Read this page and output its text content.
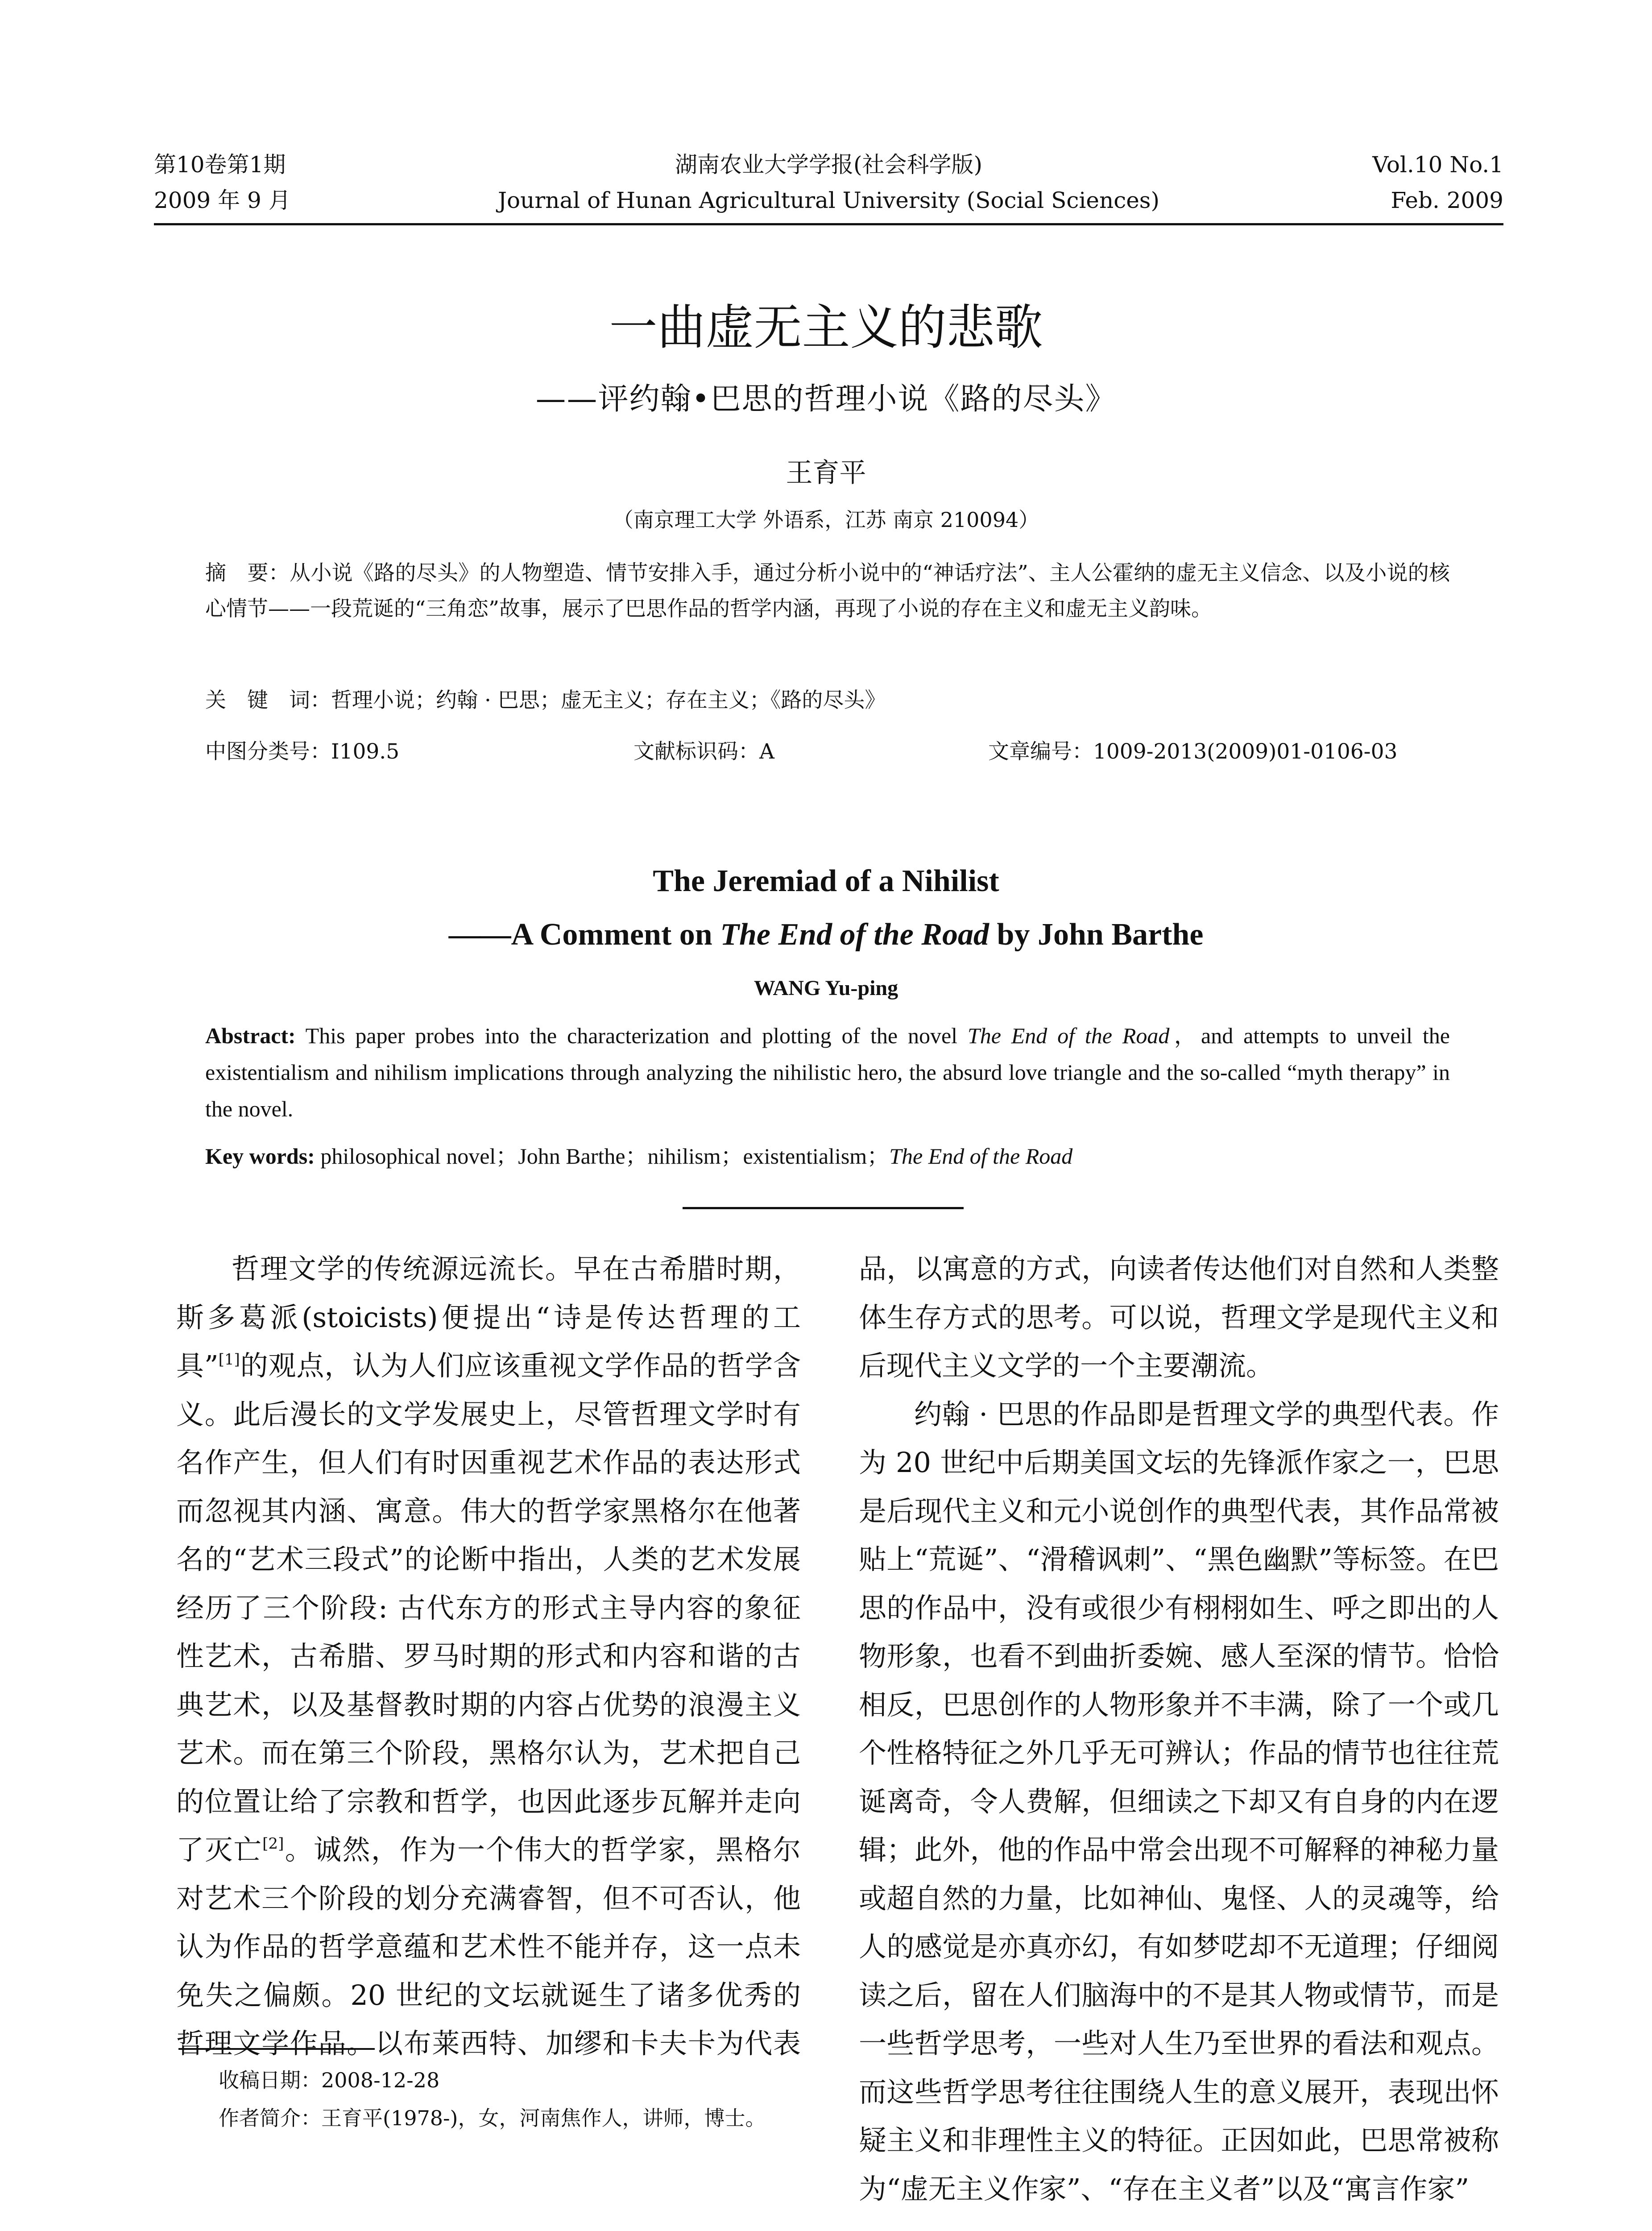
第10卷第1期	湖南农业大学学报(社会科学版)	Vol.10 No.1
2009 年 9 月	Journal of Hunan Agricultural University (Social Sciences)	Feb. 2009
一曲虚无主义的悲歌
——评约翰•巴思的哲理小说《路的尽头》
王育平
（南京理工大学 外语系，江苏 南京 210094）
摘　要：从小说《路的尽头》的人物塑造、情节安排入手，通过分析小说中的“神话疗法”、主人公霍纳的虚无主义信念、以及小说的核心情节——一段荒诞的“三角恋”故事，展示了巴思作品的哲学内涵，再现了小说的存在主义和虚无主义韵味。
关　键　词：哲理小说；约翰 · 巴思；虚无主义；存在主义；《路的尽头》
中图分类号：I109.5	文献标识码：A	文章编号：1009-2013(2009)01-0106-03
The Jeremiad of a Nihilist
——A Comment on The End of the Road by John Barthe
WANG Yu-ping
Abstract: This paper probes into the characterization and plotting of the novel The End of the Road，and attempts to unveil the existentialism and nihilism implications through analyzing the nihilistic hero, the absurd love triangle and the so-called “myth therapy” in the novel.
Key words: philosophical novel；John Barthe；nihilism；existentialism；The End of the Road

哲理文学的传统源远流长。早在古希腊时期，斯多葛派(stoicists)便提出“诗是传达哲理的工具”[1]的观点，认为人们应该重视文学作品的哲学含义。此后漫长的文学发展史上，尽管哲理文学时有名作产生，但人们有时因重视艺术作品的表达形式而忽视其内涵、寓意。伟大的哲学家黑格尔在他著名的“艺术三段式”的论断中指出，人类的艺术发展经历了三个阶段: 古代东方的形式主导内容的象征性艺术，古希腊、罗马时期的形式和内容和谐的古典艺术，以及基督教时期的内容占优势的浪漫主义艺术。而在第三个阶段，黑格尔认为，艺术把自己的位置让给了宗教和哲学，也因此逐步瓦解并走向了灭亡[2]。诚然，作为一个伟大的哲学家，黑格尔对艺术三个阶段的划分充满睿智，但不可否认，他认为作品的哲学意蕴和艺术性不能并存，这一点未免失之偏颇。20 世纪的文坛就诞生了诸多优秀的哲理文学作品。以布莱西特、加缪和卡夫卡为代表

品，以寓意的方式，向读者传达他们对自然和人类整体生存方式的思考。可以说，哲理文学是现代主义和后现代主义文学的一个主要潮流。

约翰 · 巴思的作品即是哲理文学的典型代表。作为 20 世纪中后期美国文坛的先锋派作家之一，巴思是后现代主义和元小说创作的典型代表，其作品常被贴上“荒诞”、“滑稽讽刺”、“黑色幽默”等标签。在巴思的作品中，没有或很少有栩栩如生、呼之即出的人物形象，也看不到曲折委婉、感人至深的情节。恰恰相反，巴思创作的人物形象并不丰满，除了一个或几个性格特征之外几乎无可辨认；作品的情节也往往荒诞离奇，令人费解，但细读之下却又有自身的内在逻辑；此外，他的作品中常会出现不可解释的神秘力量或超自然的力量，比如神仙、鬼怪、人的灵魂等，给人的感觉是亦真亦幻，有如梦呓却不无道理；仔细阅读之后，留在人们脑海中的不是其人物或情节，而是一些哲学思考，一些对人生乃至世界的看法和观点。而这些哲学思考往往围绕人生的意义展开，表现出怀疑主义和非理性主义的特征。正因如此，巴思常被称为“虚无主义作家”、“存在主义者”以及“寓言作家”

收稿日期：2008-12-28
作者简介：王育平(1978-)，女，河南焦作人，讲师，博士。
